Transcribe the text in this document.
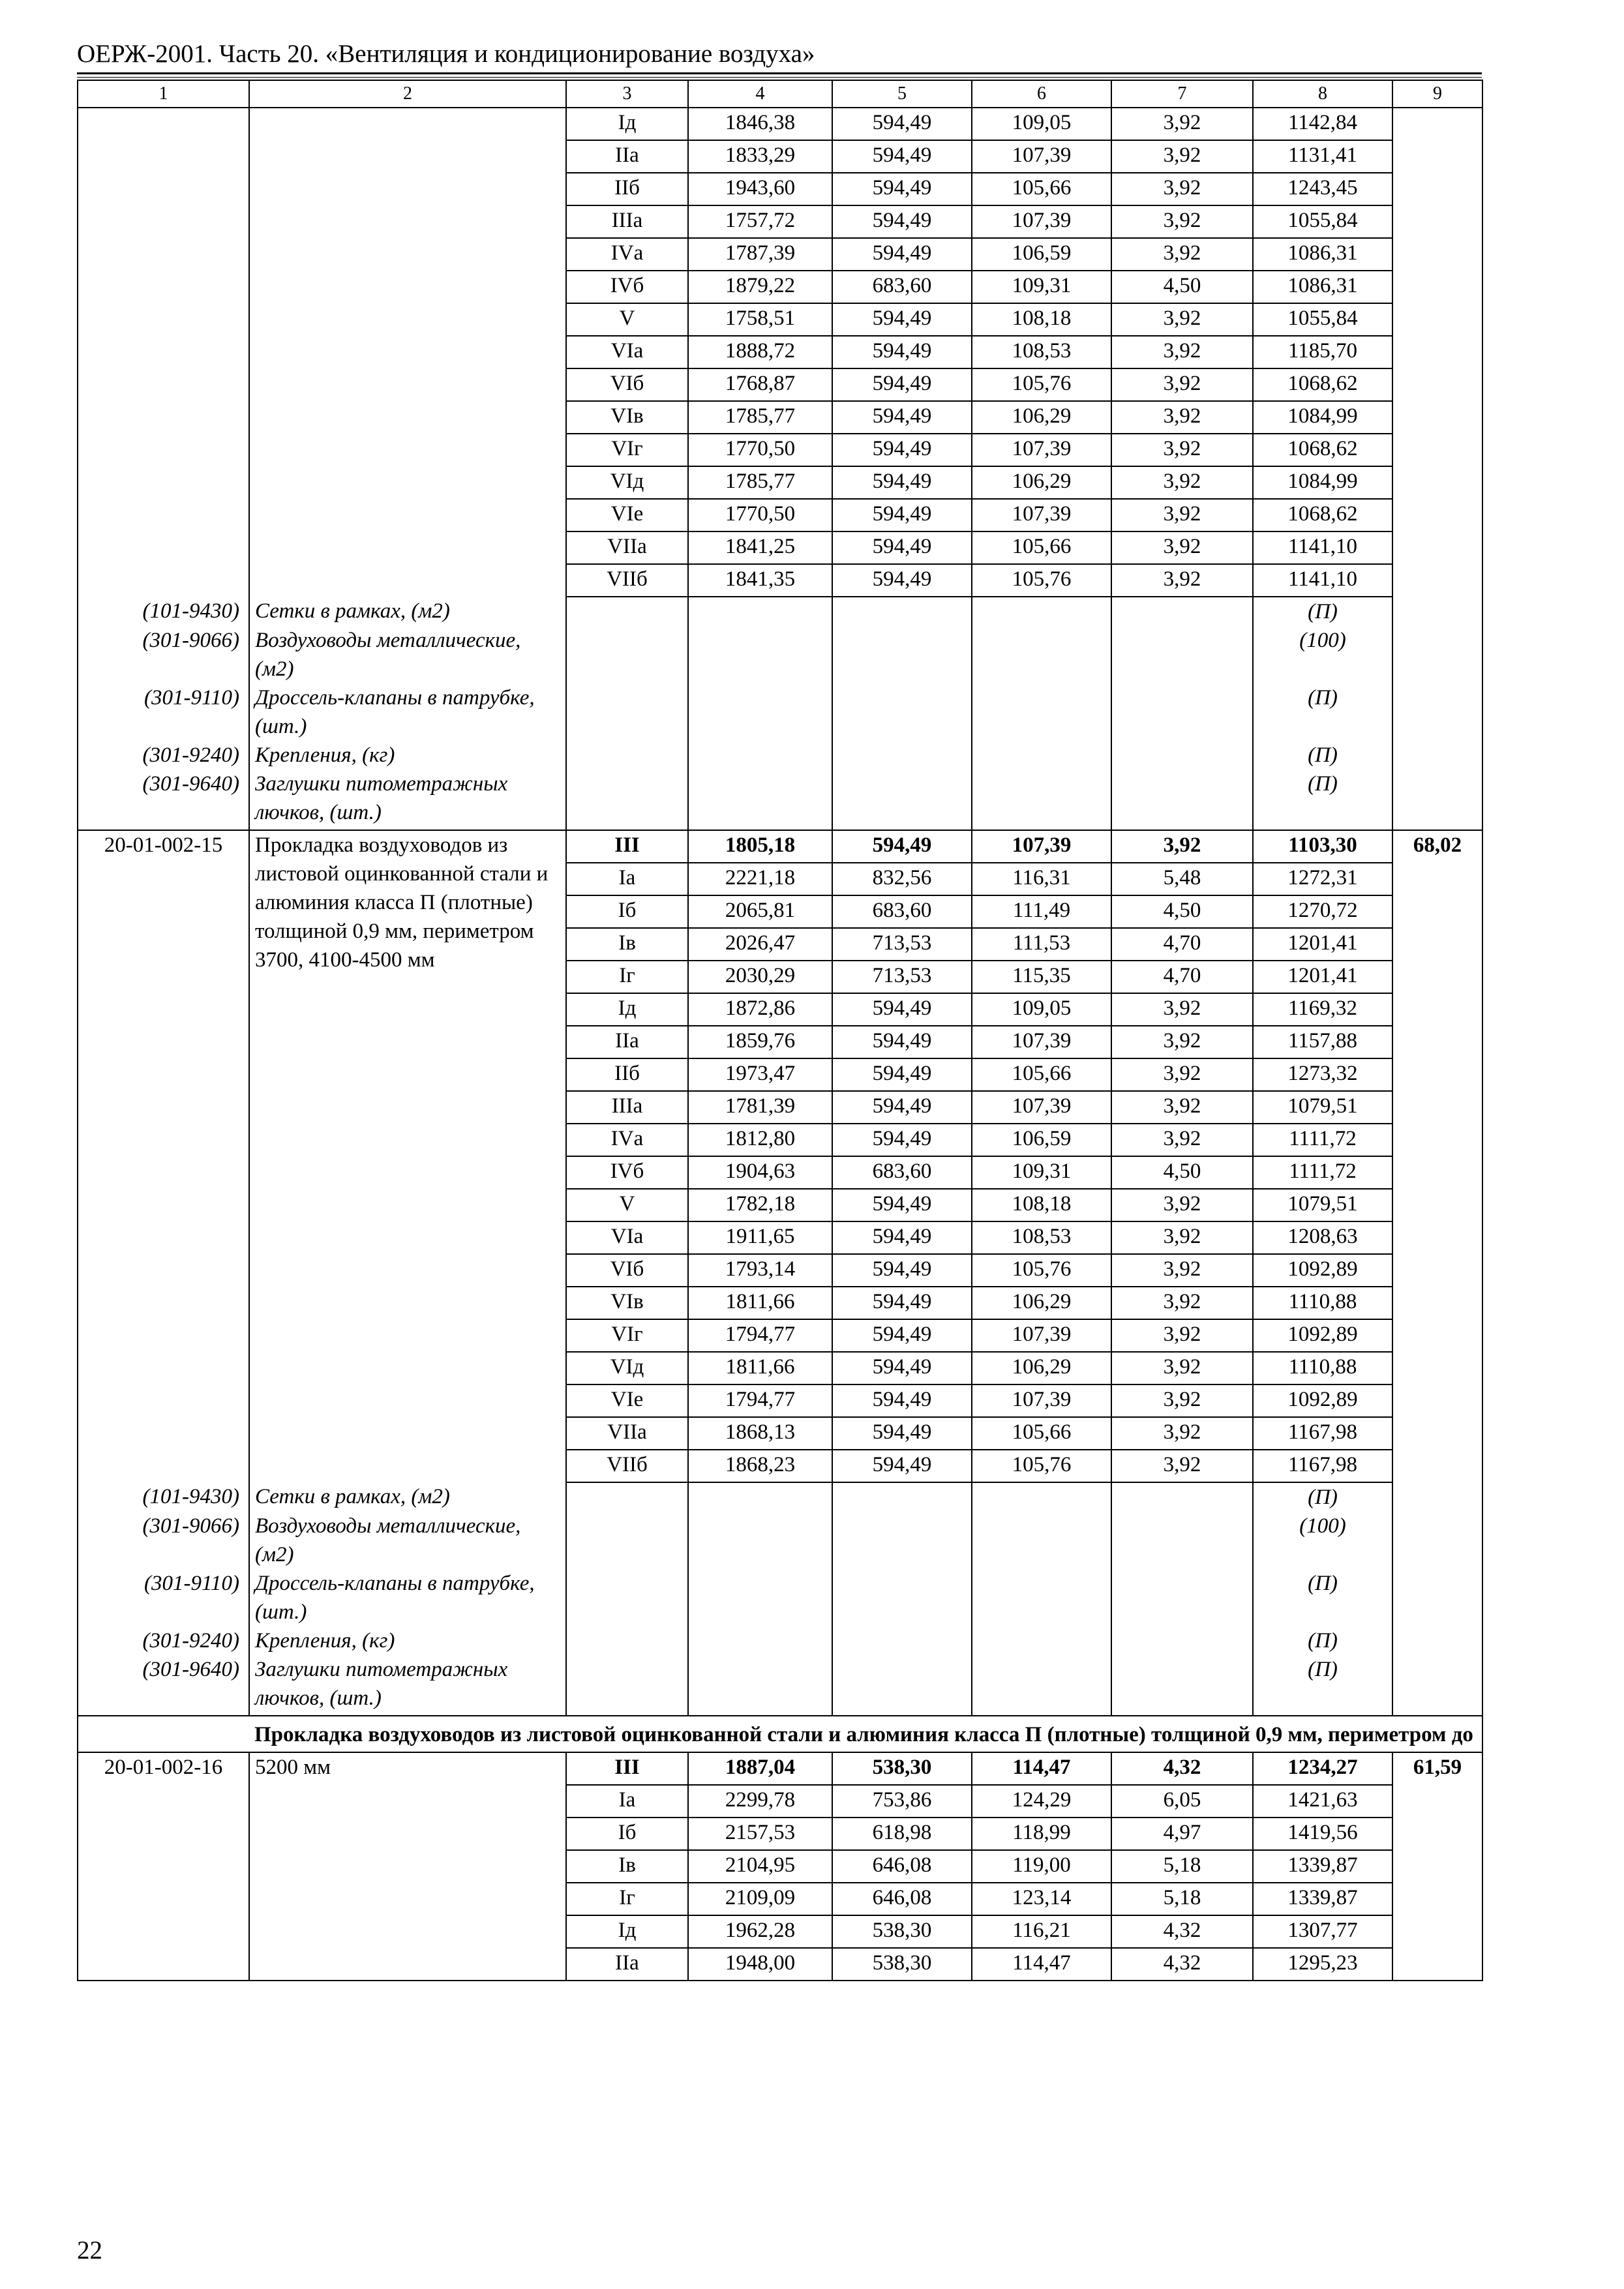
ОЕРЖ-2001. Часть 20. «Вентиляция и кондиционирование воздуха»
1	2	3	4	5	6	7	8	9
		Iд	1846,38	594,49	109,05	3,92	1142,84	
		IIа	1833,29	594,49	107,39	3,92	1131,41	
		IIб	1943,60	594,49	105,66	3,92	1243,45	
		IIIа	1757,72	594,49	107,39	3,92	1055,84	
		IVа	1787,39	594,49	106,59	3,92	1086,31	
		IVб	1879,22	683,60	109,31	4,50	1086,31	
		V	1758,51	594,49	108,18	3,92	1055,84	
		VIа	1888,72	594,49	108,53	3,92	1185,70	
		VIб	1768,87	594,49	105,76	3,92	1068,62	
		VIв	1785,77	594,49	106,29	3,92	1084,99	
		VIг	1770,50	594,49	107,39	3,92	1068,62	
		VIд	1785,77	594,49	106,29	3,92	1084,99	
		VIе	1770,50	594,49	107,39	3,92	1068,62	
		VIIа	1841,25	594,49	105,66	3,92	1141,10	
		VIIб	1841,35	594,49	105,76	3,92	1141,10	
(101-9430)	Сетки в рамках, (м2)						(П)	
(301-9066)	Воздуховоды металлические, (м2)						(100)	
(301-9110)	Дроссель-клапаны в патрубке, (шт.)						(П)	
(301-9240)	Крепления, (кг)						(П)	
(301-9640)	Заглушки питометражных лючков, (шт.)						(П)	
20-01-002-15	Прокладка воздуховодов из листовой оцинкованной стали и алюминия класса П (плотные) толщиной 0,9 мм, периметром 3700, 4100-4500 мм	III	1805,18	594,49	107,39	3,92	1103,30	68,02
		Iа	2221,18	832,56	116,31	5,48	1272,31	
		Iб	2065,81	683,60	111,49	4,50	1270,72	
		Iв	2026,47	713,53	111,53	4,70	1201,41	
		Iг	2030,29	713,53	115,35	4,70	1201,41	
		Iд	1872,86	594,49	109,05	3,92	1169,32	
		IIа	1859,76	594,49	107,39	3,92	1157,88	
		IIб	1973,47	594,49	105,66	3,92	1273,32	
		IIIа	1781,39	594,49	107,39	3,92	1079,51	
		IVа	1812,80	594,49	106,59	3,92	1111,72	
		IVб	1904,63	683,60	109,31	4,50	1111,72	
		V	1782,18	594,49	108,18	3,92	1079,51	
		VIа	1911,65	594,49	108,53	3,92	1208,63	
		VIб	1793,14	594,49	105,76	3,92	1092,89	
		VIв	1811,66	594,49	106,29	3,92	1110,88	
		VIг	1794,77	594,49	107,39	3,92	1092,89	
		VIд	1811,66	594,49	106,29	3,92	1110,88	
		VIе	1794,77	594,49	107,39	3,92	1092,89	
		VIIа	1868,13	594,49	105,66	3,92	1167,98	
		VIIб	1868,23	594,49	105,76	3,92	1167,98	
(101-9430)	Сетки в рамках, (м2)						(П)	
(301-9066)	Воздуховоды металлические, (м2)						(100)	
(301-9110)	Дроссель-клапаны в патрубке, (шт.)						(П)	
(301-9240)	Крепления, (кг)						(П)	
(301-9640)	Заглушки питометражных лючков, (шт.)						(П)	
	Прокладка воздуховодов из листовой оцинкованной стали и алюминия класса П (плотные) толщиной 0,9 мм, периметром до							
20-01-002-16	5200 мм	III	1887,04	538,30	114,47	4,32	1234,27	61,59
		Iа	2299,78	753,86	124,29	6,05	1421,63	
		Iб	2157,53	618,98	118,99	4,97	1419,56	
		Iв	2104,95	646,08	119,00	5,18	1339,87	
		Iг	2109,09	646,08	123,14	5,18	1339,87	
		Iд	1962,28	538,30	116,21	4,32	1307,77	
		IIа	1948,00	538,30	114,47	4,32	1295,23	
22
